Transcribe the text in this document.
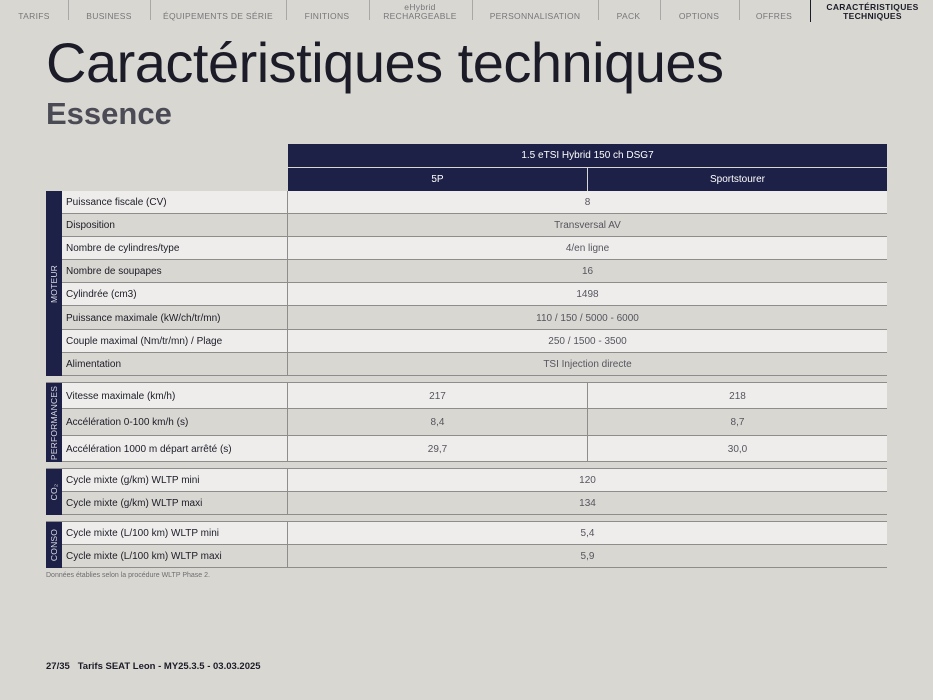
TARIFS	BUSINESS	ÉQUIPEMENTS DE SÉRIE	FINITIONS
eHybrid
RECHARGEABLE	PERSONNALISATION	PACK	OPTIONS	OFFRES
CARACTÉRISTIQUES
TECHNIQUES
Caractéristiques techniques
Essence
1.5 eTSI Hybrid 150 ch DSG7
5P	Sportstourer
MOTEUR
Puissance fiscale (CV)	8
Disposition	Transversal AV
Nombre de cylindres/type	4/en ligne
Nombre de soupapes	16
Cylindrée (cm3)	1498
Puissance maximale (kW/ch/tr/mn)	110 / 150 / 5000 - 6000
Couple maximal (Nm/tr/mn) / Plage	250 / 1500 - 3500
Alimentation	TSI Injection directe
PERFORMANCES Vitesse maximale (km/h)	217	218
Accélération 0-100 km/h (s)	8,4	8,7
Accélération 1000 m départ arrêté (s)	29,7	30,0
CO₂
Cycle mixte (g/km) WLTP mini	120
Cycle mixte (g/km) WLTP maxi	134
CONSO Cycle mixte (L/100 km) WLTP mini	5,4
Cycle mixte (L/100 km) WLTP maxi	5,9
Données établies selon la procédure WLTP Phase 2.
27/35   Tarifs SEAT Leon - MY25.3.5 - 03.03.2025
